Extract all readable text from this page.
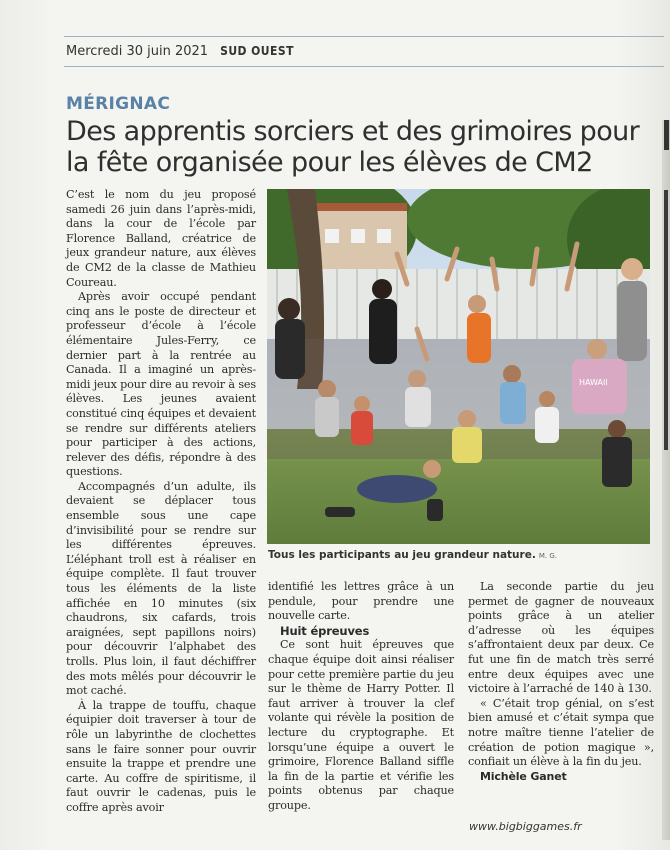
Mercredi 30 juin 2021 SUD OUEST
MÉRIGNAC
Des apprentis sorciers et des grimoires pour la fête organisée pour les élèves de CM2

C’est le nom du jeu proposé samedi 26 juin dans l’après-midi, dans la cour de l’école par Florence Balland, créatrice de jeux grandeur nature, aux élèves de CM2 de la classe de Mathieu Coureau.

Après avoir occupé pendant cinq ans le poste de directeur et professeur d’école à l’école élémentaire Jules-Ferry, ce dernier part à la rentrée au Canada. Il a imaginé un après-midi jeux pour dire au revoir à ses élèves. Les jeunes avaient constitué cinq équipes et devaient se rendre sur différents ateliers pour participer à des actions, relever des défis, répondre à des questions.

Accompagnés d’un adulte, ils devaient se déplacer tous ensemble sous une cape d’invisibilité pour se rendre sur les différentes épreuves. L’éléphant troll est à réaliser en équipe complète. Il faut trouver tous les éléments de la liste affichée en 10 minutes (six chaudrons, six cafards, trois araignées, sept papillons noirs) pour découvrir l’alphabet des trolls. Plus loin, il faut déchiffrer des mots mêlés pour découvrir le mot caché.

À la trappe de touffu, chaque équipier doit traverser à tour de rôle un labyrinthe de clochettes sans le faire sonner pour ouvrir ensuite la trappe et prendre une carte. Au coffre de spiritisme, il faut ouvrir le cadenas, puis le coffre après avoir

HAWAII
Tous les participants au jeu grandeur nature. M. G.

identifié les lettres grâce à un pendule, pour prendre une nouvelle carte.

Huit épreuves

Ce sont huit épreuves que chaque équipe doit ainsi réaliser pour cette première partie du jeu sur le thème de Harry Potter. Il faut arriver à trouver la clef volante qui révèle la position de lecture du cryptographe. Et lorsqu’une équipe a ouvert le grimoire, Florence Balland siffle la fin de la partie et vérifie les points obtenus par chaque groupe.

La seconde partie du jeu permet de gagner de nouveaux points grâce à un atelier d’adresse où les équipes s’affrontaient deux par deux. Ce fut une fin de match très serré entre deux équipes avec une victoire à l’arraché de 140 à 130.

« C’était trop génial, on s’est bien amusé et c’était sympa que notre maître tienne l’atelier de création de potion magique », confiait un élève à la fin du jeu.

Michèle Ganet

www.bigbiggames.fr
